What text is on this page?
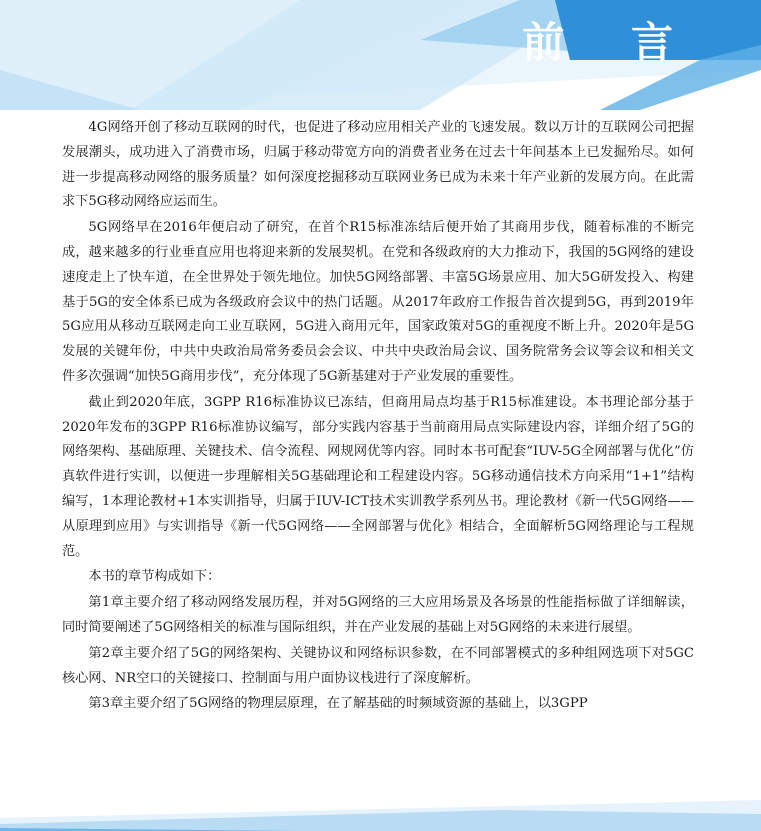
前 言

4G网络开创了移动互联网的时代，也促进了移动应用相关产业的飞速发展。数以万计的互联网公司把握发展潮头，成功进入了消费市场，归属于移动带宽方向的消费者业务在过去十年间基本上已发掘殆尽。如何进一步提高移动网络的服务质量？如何深度挖掘移动互联网业务已成为未来十年产业新的发展方向。在此需求下5G移动网络应运而生。

5G网络早在2016年便启动了研究，在首个R15标准冻结后便开始了其商用步伐，随着标准的不断完成，越来越多的行业垂直应用也将迎来新的发展契机。在党和各级政府的大力推动下，我国的5G网络的建设速度走上了快车道，在全世界处于领先地位。加快5G网络部署、丰富5G场景应用、加大5G研发投入、构建基于5G的安全体系已成为各级政府会议中的热门话题。从2017年政府工作报告首次提到5G，再到2019年5G应用从移动互联网走向工业互联网，5G进入商用元年，国家政策对5G的重视度不断上升。2020年是5G发展的关键年份，中共中央政治局常务委员会会议、中共中央政治局会议、国务院常务会议等会议和相关文件多次强调“加快5G商用步伐”，充分体现了5G新基建对于产业发展的重要性。

截止到2020年底，3GPP R16标准协议已冻结，但商用局点均基于R15标准建设。本书理论部分基于2020年发布的3GPP R16标准协议编写，部分实践内容基于当前商用局点实际建设内容，详细介绍了5G的网络架构、基础原理、关键技术、信令流程、网规网优等内容。同时本书可配套“IUV-5G全网部署与优化”仿真软件进行实训，以便进一步理解相关5G基础理论和工程建设内容。5G移动通信技术方向采用“1+1”结构编写，1本理论教材+1本实训指导，归属于IUV-ICT技术实训教学系列丛书。理论教材《新一代5G网络——从原理到应用》与实训指导《新一代5G网络——全网部署与优化》相结合，全面解析5G网络理论与工程规范。

本书的章节构成如下：

第1章主要介绍了移动网络发展历程，并对5G网络的三大应用场景及各场景的性能指标做了详细解读，同时简要阐述了5G网络相关的标准与国际组织，并在产业发展的基础上对5G网络的未来进行展望。

第2章主要介绍了5G的网络架构、关键协议和网络标识参数，在不同部署模式的多种组网选项下对5GC核心网、NR空口的关键接口、控制面与用户面协议栈进行了深度解析。

第3章主要介绍了5G网络的物理层原理，在了解基础的时频域资源的基础上，以3GPP
